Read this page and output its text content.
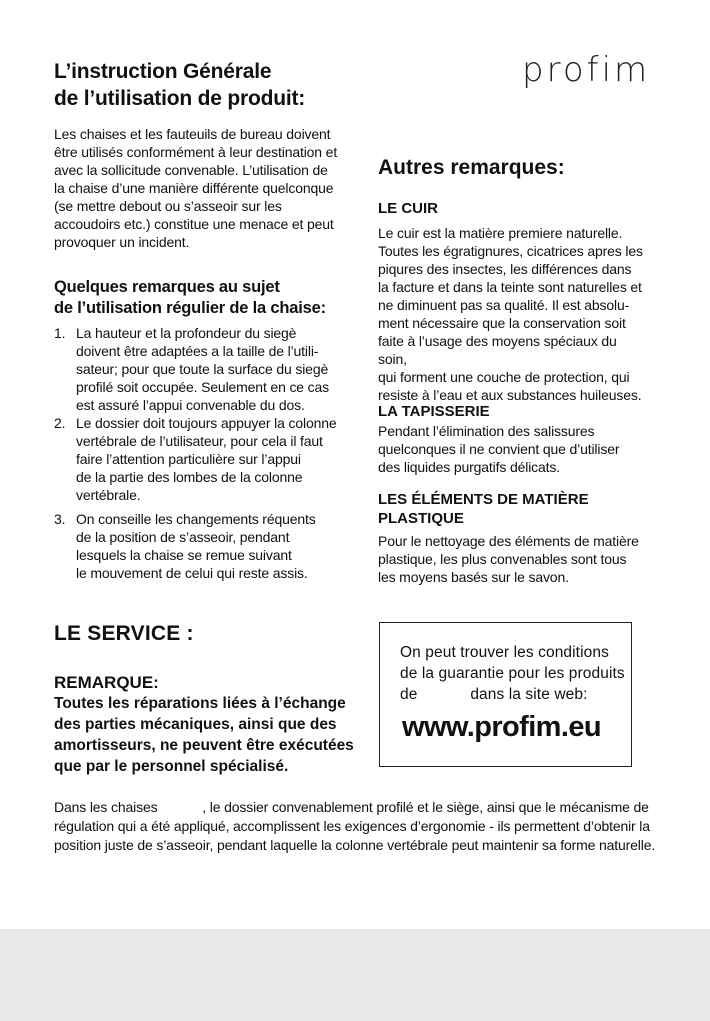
L’instruction Générale

de l’utilisation de produit:

profim

Les chaises et les fauteuils de bureau doivent

être utilisés conformément à leur destination et

avec la sollicitude convenable. L’utilisation de

la chaise d’une manière différente quelconque

(se mettre debout ou s’asseoir sur les

accoudoirs etc.) constitue une menace et peut

provoquer un incident.

Quelques remarques au sujet

de l’utilisation régulier de la chaise:

1. La hauteur et la profondeur du siegè

doivent être adaptées a la taille de l’utili-

sateur; pour que toute la surface du siegè

profilé soit occupée. Seulement en ce cas

est assuré l’appui convenable du dos.

2. Le dossier doit toujours appuyer la colonne

vertébrale de l’utilisateur, pour cela il faut

faire l’attention particulière sur l’appui

de la partie des lombes de la colonne

vertébrale.

3. On conseille les changements réquents

de la position de s’asseoir, pendant

lesquels la chaise se remue suivant

le mouvement de celui qui reste assis.

Autres remarques:
LE CUIR

Le cuir est la matière premiere naturelle.

Toutes les égratignures, cicatrices apres les

piqures des insectes, les différences dans

la facture et dans la teinte sont naturelles et

ne diminuent pas sa qualité. Il est absolu-

ment nécessaire que la conservation soit

faite à l’usage des moyens spéciaux du soin,

qui forment une couche de protection, qui

resiste à l’eau et aux substances huileuses.

LA TAPISSERIE

Pendant l’élimination des salissures

quelconques il ne convient que d’utiliser

des liquides purgatifs délicats.

LES ÉLÉMENTS DE MATIÈRE

PLASTIQUE

Pour le nettoyage des éléments de matière

plastique, les plus convenables sont tous

les moyens basés sur le savon.

LE SERVICE :
REMARQUE:

Toutes les réparations liées à l’échange

des parties mécaniques, ainsi que des

amortisseurs, ne peuvent être exécutées

que par le personnel spécialisé.

On peut trouver les conditions

de la guarantie pour les produits

de            dans la site web:

www.profim.eu

Dans les chaises            , le dossier convenablement profilé et le siège, ainsi que le mécanisme de

régulation qui a été appliqué, accomplissent les exigences d’ergonomie - ils permettent d’obtenir la

position juste de s’asseoir, pendant laquelle la colonne vertébrale peut maintenir sa forme naturelle.
